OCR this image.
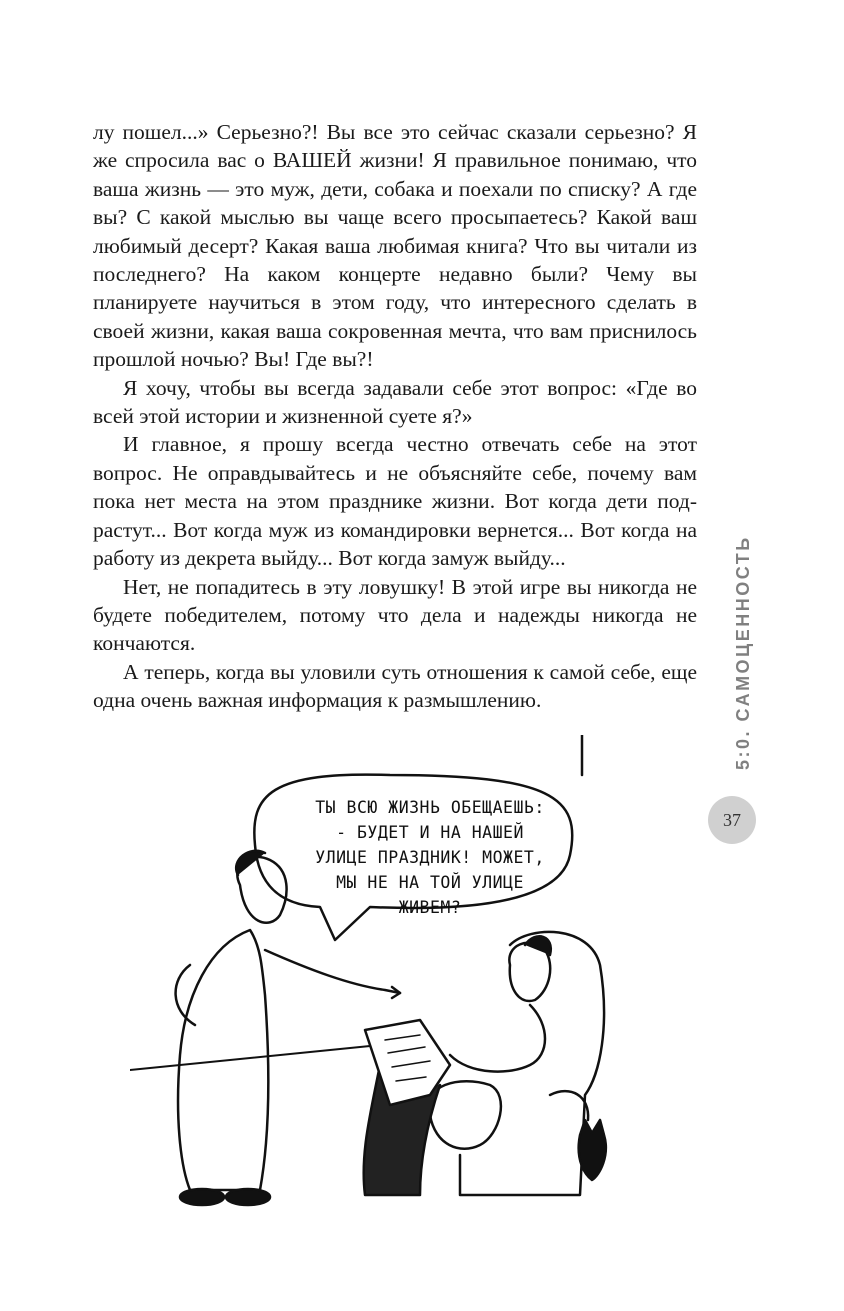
лу пошел...» Серьезно?! Вы все это сейчас сказали серьезно? Я же спросила вас о ВАШЕЙ жизни! Я правильное понимаю, что ваша жизнь — это муж, дети, собака и поехали по списку? А где вы? С какой мыслью вы чаще всего просыпаетесь? Какой ваш любимый десерт? Какая ваша любимая книга? Что вы читали из последнего? На каком концерте недавно были? Чему вы планируете научиться в этом году, что интересного сделать в своей жизни, какая ваша сокровенная мечта, что вам приснилось прошлой ночью? Вы! Где вы?!

Я хочу, чтобы вы всегда задавали себе этот вопрос: «Где во всей этой истории и жизненной суете я?»

И главное, я прошу всегда честно отвечать себе на этот вопрос. Не оправдывайтесь и не объясняйте себе, почему вам пока нет места на этом празднике жизни. Вот когда дети подрастут... Вот когда муж из командировки вернется... Вот когда на работу из декрета выйду... Вот когда замуж выйду...

Нет, не попадитесь в эту ловушку! В этой игре вы никогда не будете победителем, потому что дела и надежды никогда не кончаются.

А теперь, когда вы уловили суть отношения к самой себе, еще одна очень важная информация к размышлению.	5:0. САМОЦЕННОСТЬ
37
ТЫ ВСЮ ЖИЗНЬ ОБЕЩАЕШЬ:
- БУДЕТ И НА НАШЕЙ
УЛИЦЕ ПРАЗДНИК! МОЖЕТ,
МЫ НЕ НА ТОЙ УЛИЦЕ
ЖИВЕМ?
